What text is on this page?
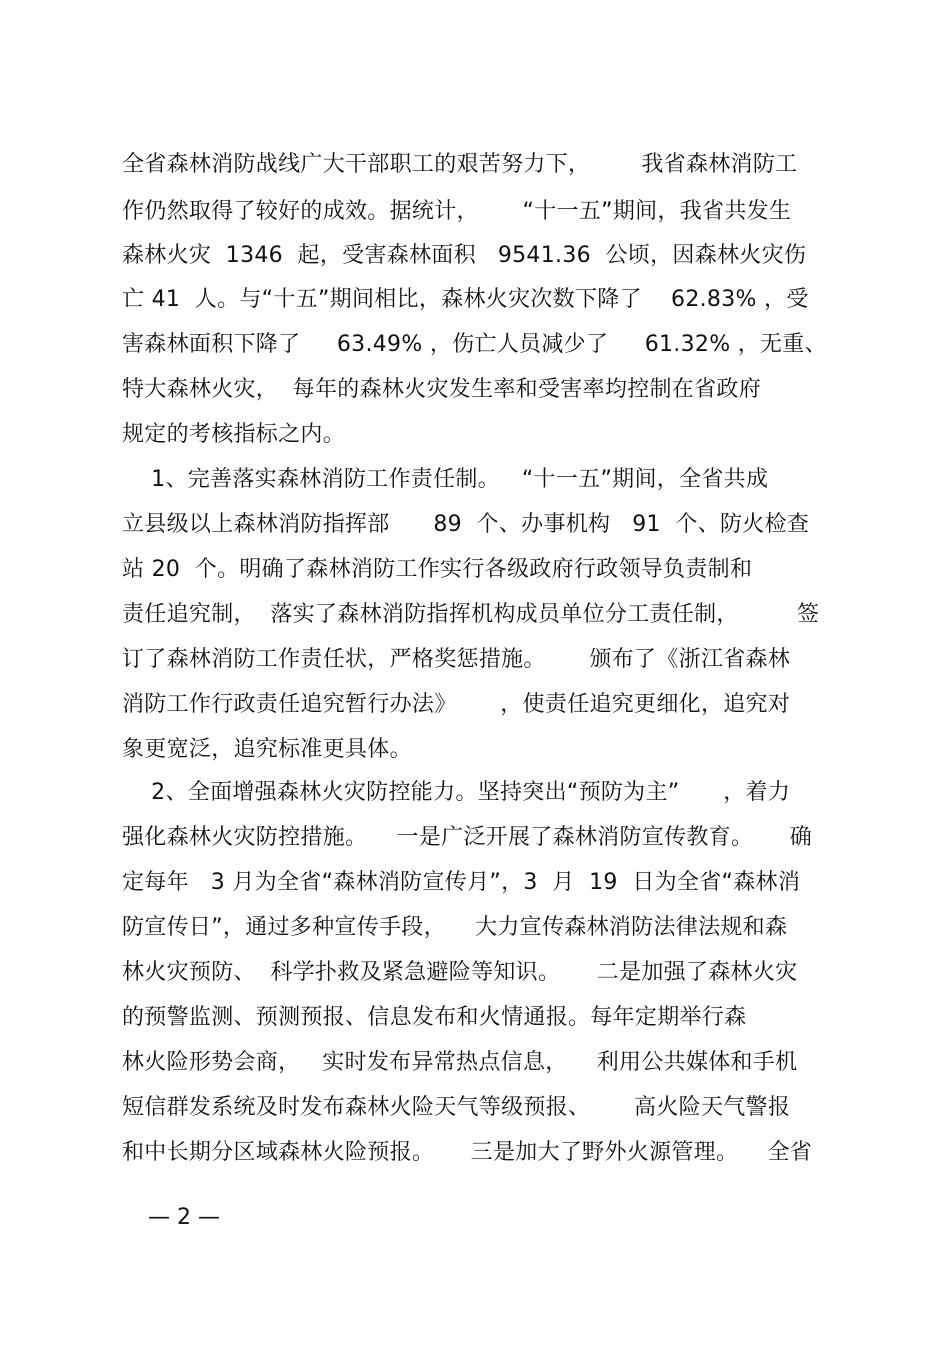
全省森林消防战线广大干部职工的艰苦努力下，       我省森林消防工
作仍然取得了较好的成效。据统计，      “十一五”期间，我省共发生
森林火灾  1346  起，受害森林面积   9541.36  公顷，因森林火灾伤
亡 41  人。与“十五”期间相比，森林火灾次数下降了    62.83% ，受
害森林面积下降了     63.49% ，伤亡人员减少了     61.32% ，无重、
特大森林火灾，  每年的森林火灾发生率和受害率均控制在省政府
规定的考核指标之内。
1、完善落实森林消防工作责任制。   “十一五”期间，全省共成
立县级以上森林消防指挥部      89  个、办事机构   91  个、防火检查
站 20  个。明确了森林消防工作实行各级政府行政领导负责制和
责任追究制，  落实了森林消防指挥机构成员单位分工责任制，        签
订了森林消防工作责任状，严格奖惩措施。      颁布了《浙江省森林
消防工作行政责任追究暂行办法》      ，使责任追究更细化，追究对
象更宽泛，追究标准更具体。
2、全面增强森林火灾防控能力。坚持突出“预防为主”      ，着力
强化森林火灾防控措施。    一是广泛开展了森林消防宣传教育。     确
定每年   3 月为全省“森林消防宣传月”，3  月  19  日为全省“森林消
防宣传日”，通过多种宣传手段，    大力宣传森林消防法律法规和森
林火灾预防、  科学扑救及紧急避险等知识。     二是加强了森林火灾
的预警监测、预测预报、信息发布和火情通报。每年定期举行森
林火险形势会商，   实时发布异常热点信息，    利用公共媒体和手机
短信群发系统及时发布森林火险天气等级预报、      高火险天气警报
和中长期分区域森林火险预报。     三是加大了野外火源管理。    全省
— 2 —
